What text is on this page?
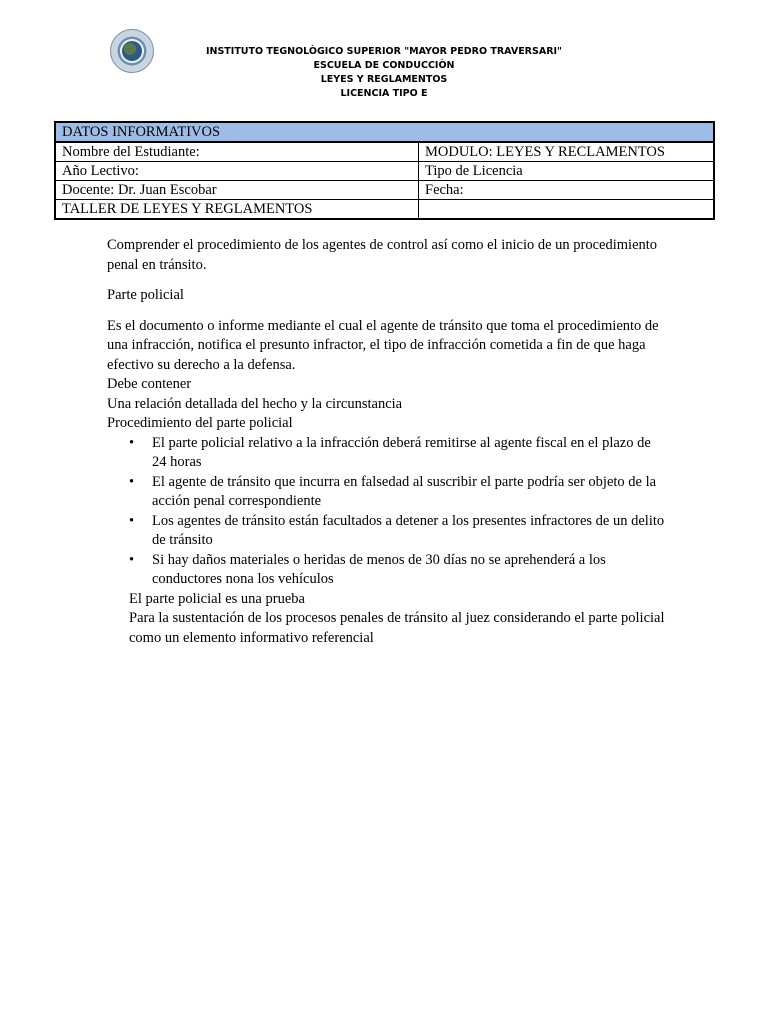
INSTITUTO TEGNOLÒGICO SUPERIOR "MAYOR PEDRO TRAVERSARI"
ESCUELA DE CONDUCCIÒN
LEYES Y REGLAMENTOS
LICENCIA TIPO E
DATOS INFORMATIVOS	
Nombre del Estudiante:	MODULO: LEYES Y RECLAMENTOS
Año Lectivo:	Tipo de Licencia
Docente: Dr. Juan Escobar	Fecha:
TALLER DE LEYES Y REGLAMENTOS	

Comprender el procedimiento de los agentes de control así como el inicio de un procedimiento penal en tránsito.

Parte policial

Es el documento o informe mediante el cual el agente de tránsito que toma el procedimiento de una infracción, notifica el presunto infractor, el tipo de infracción cometida a fin de que haga efectivo su derecho a la defensa.

Debe contener

Una relación detallada del hecho y la circunstancia

Procedimiento del parte policial

• El parte policial relativo a la infracción deberá remitirse al agente fiscal en el plazo de 24 horas
• El agente de tránsito que incurra en falsedad al suscribir el parte podría ser objeto de la acción penal correspondiente
• Los agentes de tránsito están facultados a detener a los presentes infractores de un delito de tránsito
• Si hay daños materiales o heridas de menos de 30 días no se aprehenderá a los conductores nona los vehículos

El parte policial es una prueba

Para la sustentación de los procesos penales de tránsito al juez considerando el parte policial como un elemento informativo referencial
